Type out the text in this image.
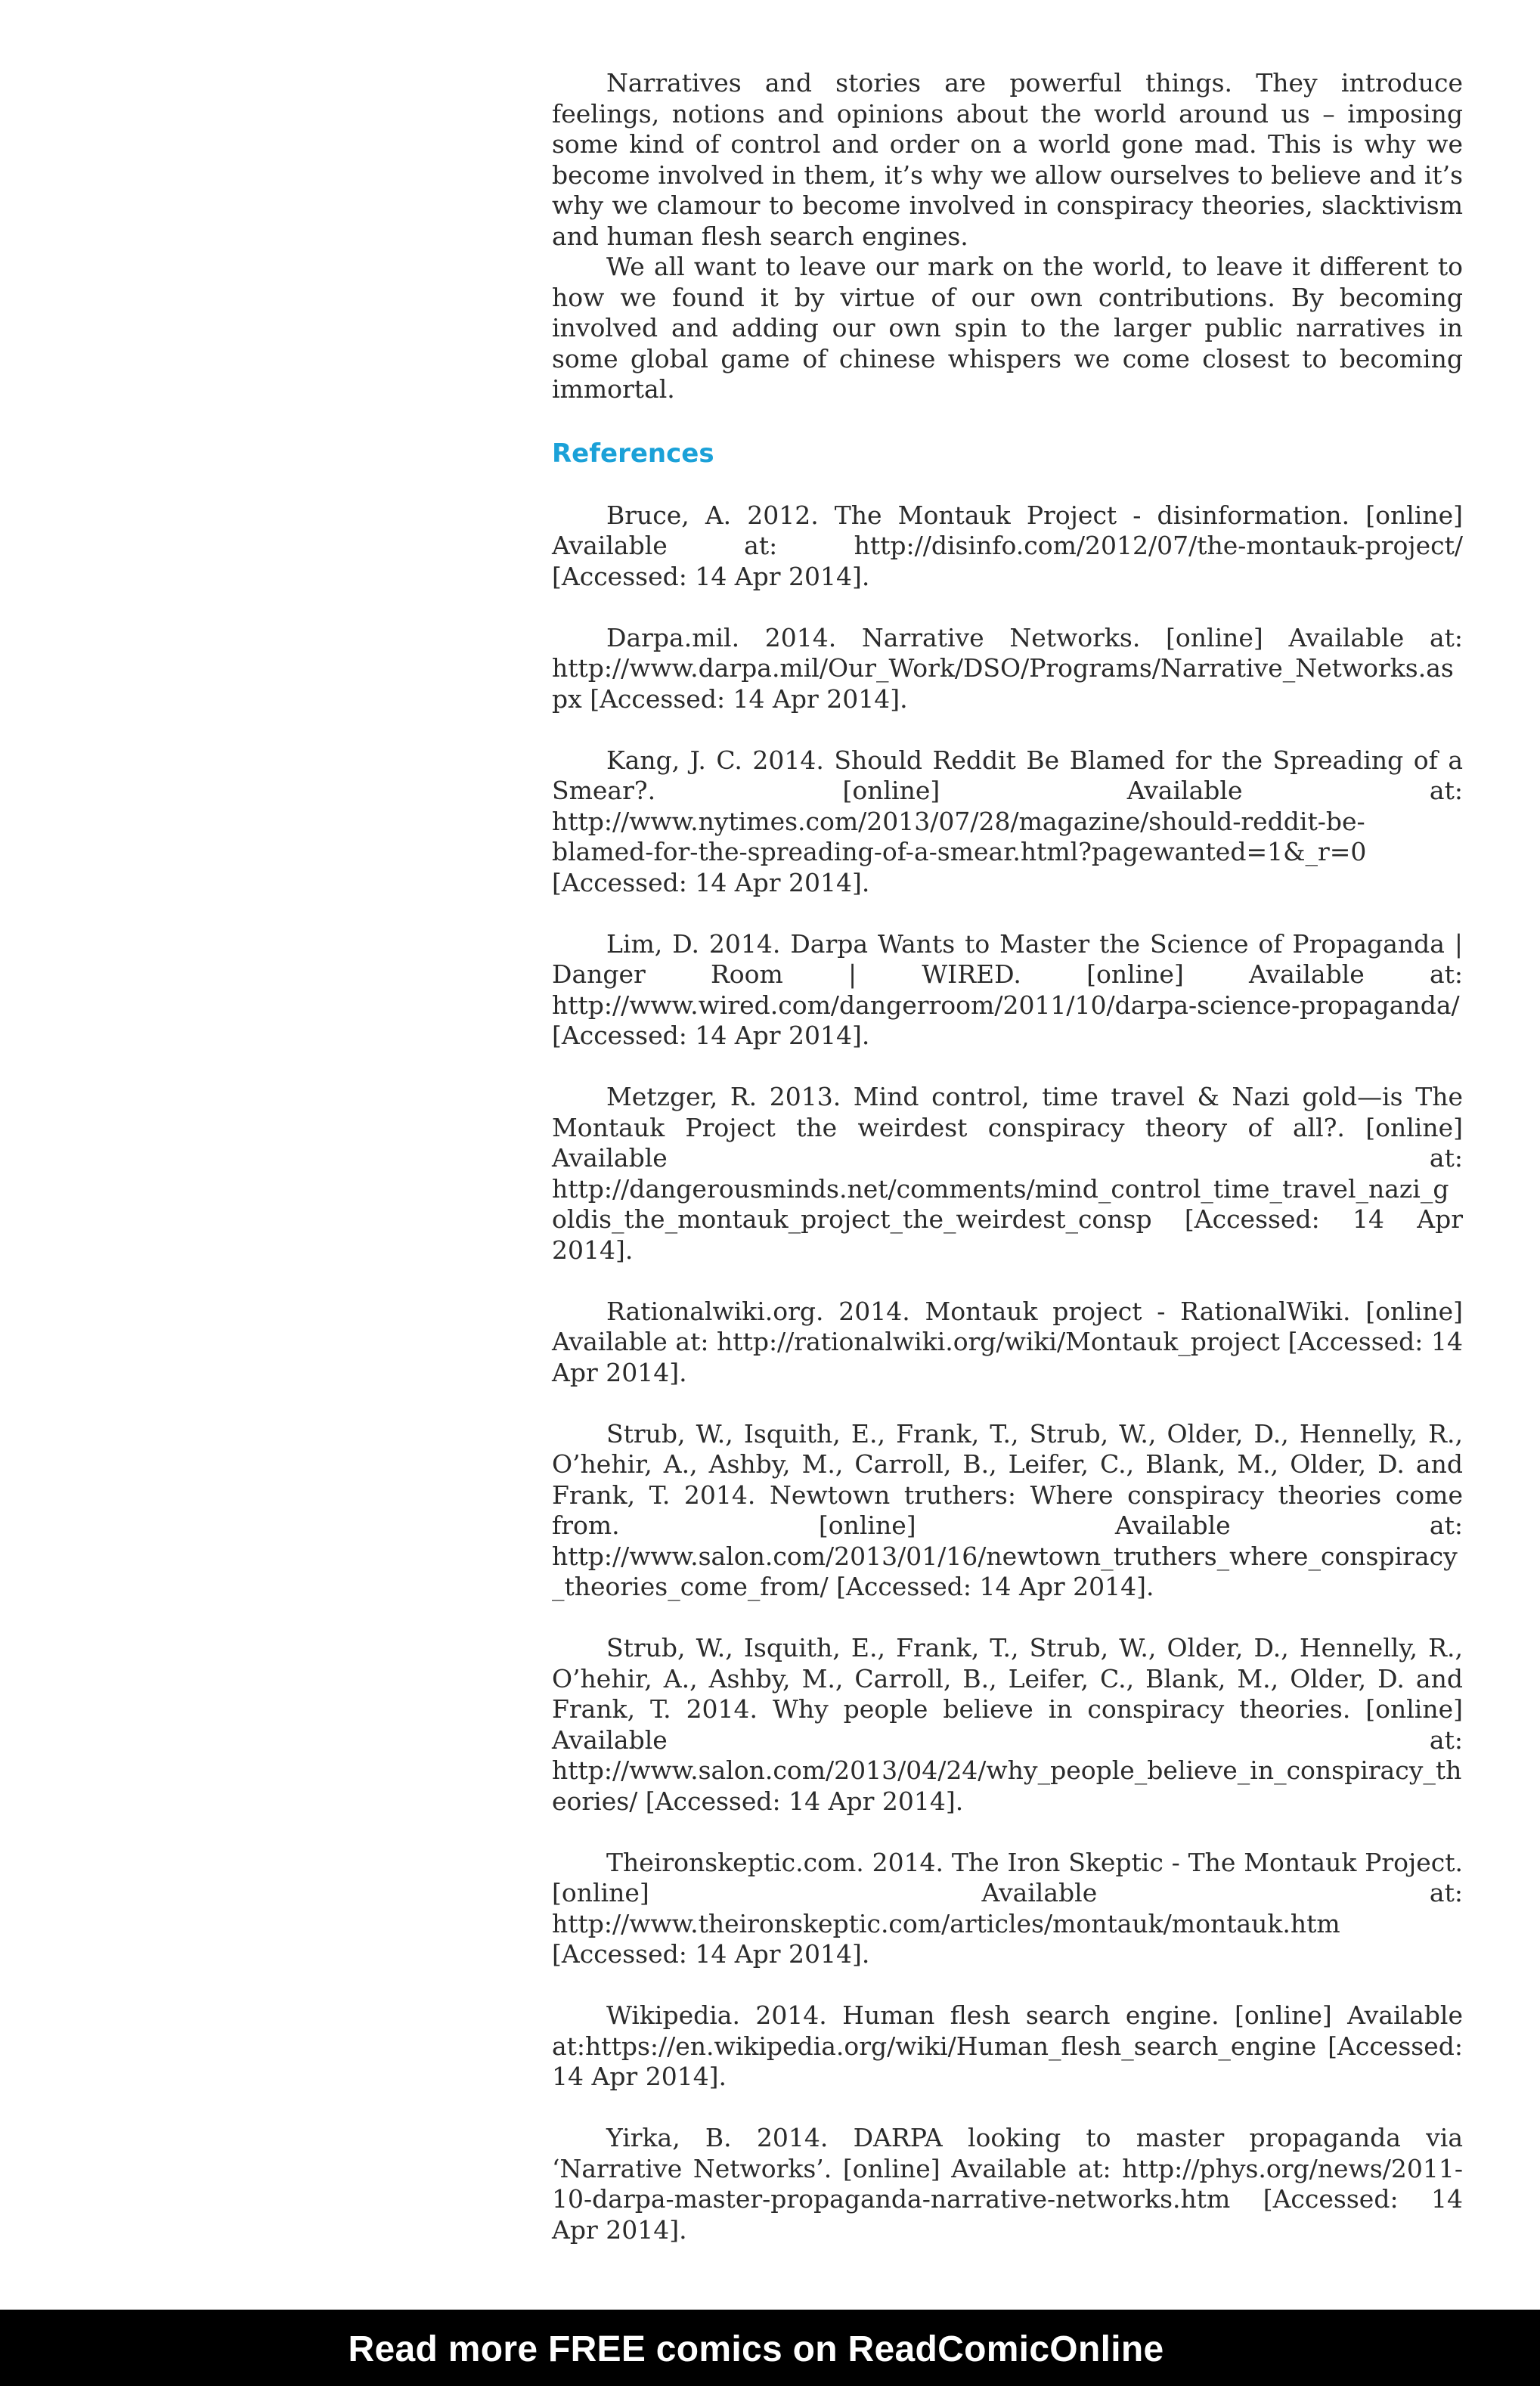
Narratives and stories are powerful things. They introduce feelings, notions and opinions about the world around us – imposing some kind of control and order on a world gone mad. This is why we become involved in them, it’s why we allow ourselves to believe and it’s why we clamour to become involved in conspiracy theories, slacktivism and human flesh search engines.

We all want to leave our mark on the world, to leave it different to how we found it by virtue of our own contributions. By becoming involved and adding our own spin to the larger public narratives in some global game of chinese whispers we come closest to becoming immortal.

References

Bruce, A. 2012. The Montauk Project - disinformation. [online] Available at: http://disinfo.com/2012/07/the-montauk-project/ [Accessed: 14 Apr 2014].

Darpa.mil. 2014. Narrative Networks. [online] Available at: http://www.darpa.mil/Our_Work/DSO/Programs/Narrative_Networks.aspx [Accessed: 14 Apr 2014].

Kang, J. C. 2014. Should Reddit Be Blamed for the Spreading of a Smear?. [online] Available at: http://www.nytimes.com/2013/07/28/magazine/should-reddit-be-blamed-for-the-spreading-of-a-smear.html?pagewanted=1&_r=0 [Accessed: 14 Apr 2014].

Lim, D. 2014. Darpa Wants to Master the Science of Propaganda | Danger Room | WIRED. [online] Available at: http://www.wired.com/dangerroom/2011/10/darpa-science-propaganda/ [Accessed: 14 Apr 2014].

Metzger, R. 2013. Mind control, time travel & Nazi gold—is The Montauk Project the weirdest conspiracy theory of all?. [online] Available at: http://dangerousminds.net/comments/mind_control_time_travel_nazi_goldis_the_montauk_project_the_weirdest_consp [Accessed: 14 Apr 2014].

Rationalwiki.org. 2014. Montauk project - RationalWiki. [online] Available at: http://rationalwiki.org/wiki/Montauk_project [Accessed: 14 Apr 2014].

Strub, W., Isquith, E., Frank, T., Strub, W., Older, D., Hennelly, R., O’hehir, A., Ashby, M., Carroll, B., Leifer, C., Blank, M., Older, D. and Frank, T. 2014. Newtown truthers: Where conspiracy theories come from. [online] Available at: http://www.salon.com/2013/01/16/newtown_truthers_where_conspiracy_theories_come_from/ [Accessed: 14 Apr 2014].

Strub, W., Isquith, E., Frank, T., Strub, W., Older, D., Hennelly, R., O’hehir, A., Ashby, M., Carroll, B., Leifer, C., Blank, M., Older, D. and Frank, T. 2014. Why people believe in conspiracy theories. [online] Available at: http://www.salon.com/2013/04/24/why_people_believe_in_conspiracy_theories/ [Accessed: 14 Apr 2014].

Theironskeptic.com. 2014. The Iron Skeptic - The Montauk Project. [online] Available at: http://www.theironskeptic.com/articles/montauk/montauk.htm [Accessed: 14 Apr 2014].

Wikipedia. 2014. Human flesh search engine. [online] Available at:https://en.wikipedia.org/wiki/Human_flesh_search_engine [Accessed: 14 Apr 2014].

Yirka, B. 2014. DARPA looking to master propaganda via ‘Narrative Networks’. [online] Available at: http://phys.org/news/2011-10-darpa-master-propaganda-narrative-networks.htm [Accessed: 14 Apr 2014].

Read more FREE comics on ReadComicOnline
